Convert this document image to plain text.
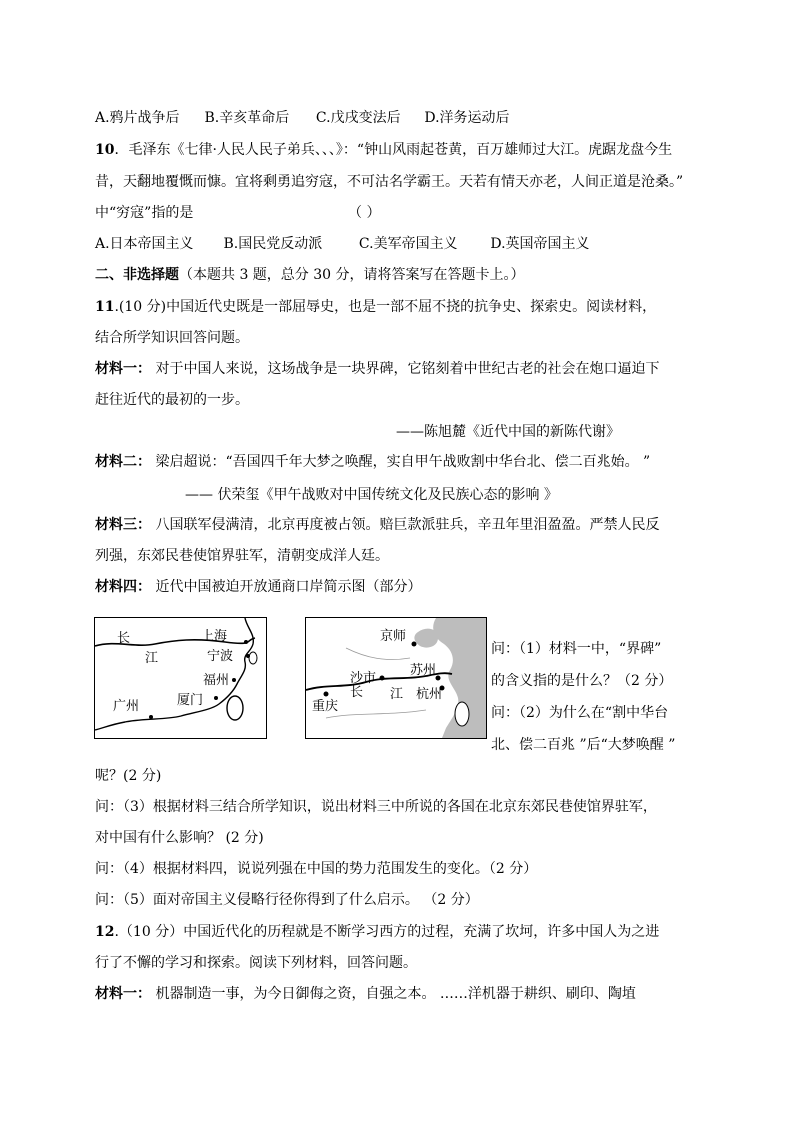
A.鸦片战争后 B.辛亥革命后 C.戊戌变法后 D.洋务运动后
10．毛泽东《七律·人民人民子弟兵、、、》：“钟山风雨起苍黄，百万雄师过大江。虎踞龙盘今生
昔，天翻地覆慨而慷。宜将剩勇追穷寇，不可沽名学霸王。天若有情天亦老，人间正道是沧桑。”
中“穷寇”指的是	（ ）
A.日本帝国主义 B.国民党反动派	C.美军帝国主义 D.英国帝国主义
二、非选择题（本题共 3 题，总分 30 分，请将答案写在答题卡上。）
11.(10 分)中国近代史既是一部屈辱史，也是一部不屈不挠的抗争史、探索史。阅读材料，
结合所学知识回答问题。
材料一： 对于中国人来说，这场战争是一块界碑，它铭刻着中世纪古老的社会在炮口逼迫下
赶往近代的最初的一步。
——陈旭麓《近代中国的新陈代谢》
材料二： 梁启超说：“吾国四千年大梦之唤醒，实自甲午战败割中华台北、偿二百兆始。 ”
—— 伏荣玺《甲午战败对中国传统文化及民族心态的影响 》
材料三： 八国联军侵满清，北京再度被占领。赔巨款派驻兵，辛丑年里泪盈盈。严禁人民反
列强，东郊民巷使馆界驻军，清朝变成洋人廷。
材料四： 近代中国被迫开放通商口岸简示图（部分）
长
江
上海
宁波
福州
厦门
广州
京师
苏州
沙市
长 江 杭州
重庆
问：（1）材料一中，“界碑”
的含义指的是什么？（2 分）
问：（2）为什么在“割中华台
北、偿二百兆 ”后“大梦唤醒 ”
呢？(2 分)
问：（3）根据材料三结合所学知识，说出材料三中所说的各国在北京东郊民巷使馆界驻军，
对中国有什么影响？ (2 分)
问：（4）根据材料四，说说列强在中国的势力范围发生的变化。（2 分）
问：（5）面对帝国主义侵略行径你得到了什么启示。 （2 分）
12.（10 分）中国近代化的历程就是不断学习西方的过程，充满了坎坷，许多中国人为之进
行了不懈的学习和探索。阅读下列材料，回答问题。
材料一： 机器制造一事，为今日御侮之资，自强之本。 ……洋机器于耕织、刷印、陶埴
